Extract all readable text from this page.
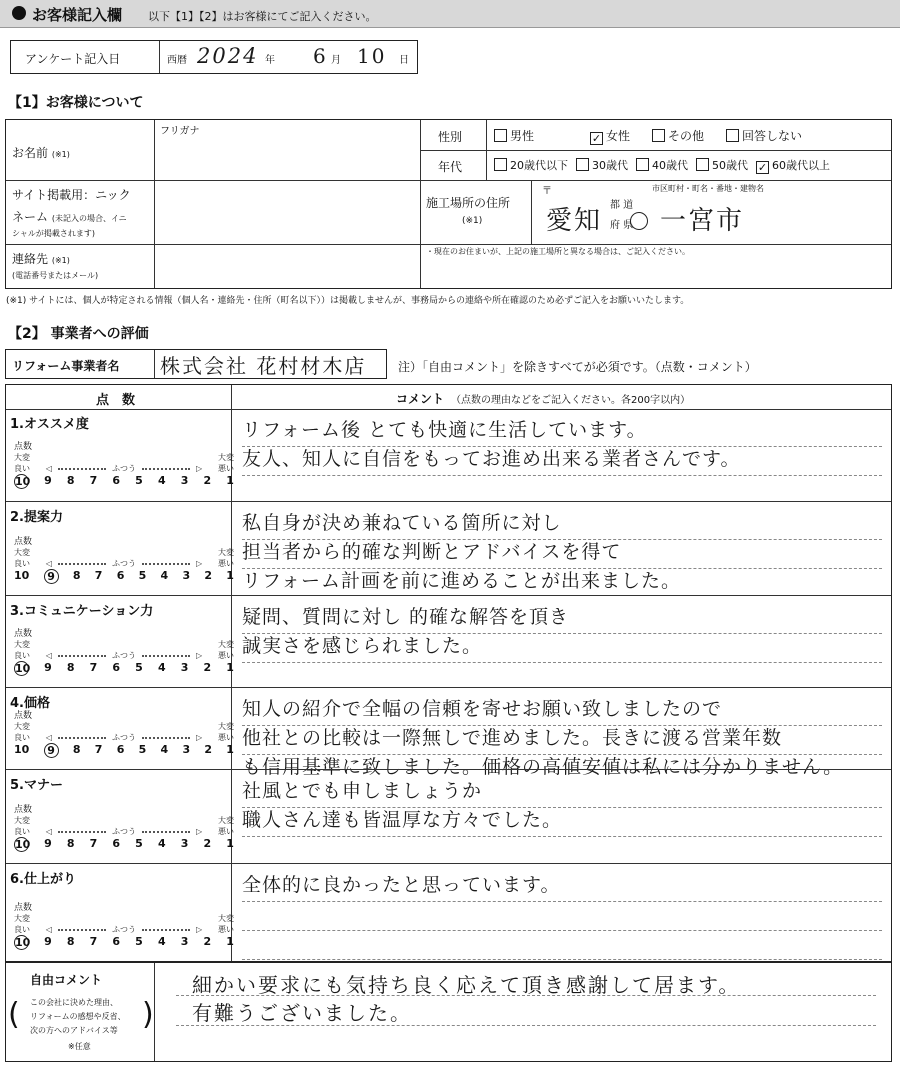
お客様記入欄 以下【1】【2】はお客様にてご記入ください。
アンケート記入日	西暦 2024 年 6 月 10 日
【1】お客様について
お名前 (※1)
フリガナ
サイト掲載用：ニック
ネーム (未記入の場合、イニ
シャルが掲載されます)
連絡先 (※1)
(電話番号またはメール)
性別	男性	✓ 女性	その他	回答しない
年代	20歳代以下	30歳代	40歳代	50歳代 ✓ 60歳代以上
施工場所の住所
(※1)
〒	市区町村・町名・番地・建物名
愛知
都 道
府 県 一宮市
・現在のお住まいが、上記の施工場所と異なる場合は、ご記入ください。
(※1) サイトには、個人が特定される情報（個人名・連絡先・住所（町名以下））は掲載しませんが、事務局からの連絡や所在確認のため必ずご記入をお願いいたします。
【2】 事業者への評価
リフォーム事業者名 株式会社 花村材木店	注）「自由コメント」を除きすべてが必須です。（点数・コメント）
点　数	コメント　 （点数の理由などをご記入ください。各200字以内）
1.オススメ度
点数
大変	大変
良い ◁	ふつう	▷ 悪い
10 9 8 7 6 5 4 3 2 1
リフォーム後 とても快適に生活しています。
友人、知人に自信をもってお進め出来る業者さんです。
2.提案力
点数
大変	大変
良い ◁	ふつう	▷ 悪い
10	9	8 7 6 5 4 3 2 1
私自身が決め兼ねている箇所に対し
担当者から的確な判断とアドバイスを得て
リフォーム計画を前に進めることが出来ました。
3.コミュニケーション力
点数
大変	大変
良い ◁	ふつう	▷ 悪い
10 9 8 7 6 5 4 3 2 1
疑問、質問に対し 的確な解答を頂き
誠実さを感じられました。
4.価格
点数
大変	大変
良い ◁	ふつう	▷ 悪い
10	9	8 7 6 5 4 3 2 1
知人の紹介で全幅の信頼を寄せお願い致しましたので
他社との比較は一際無しで進めました。長きに渡る営業年数
も信用基準に致しました。価格の高値安値は私には分かりません。
5.マナー
点数
大変	大変
良い ◁	ふつう	▷ 悪い
10 9 8 7 6 5 4 3 2 1
社風とでも申しましょうか
職人さん達も皆温厚な方々でした。
6.仕上がり
点数
大変	大変
良い ◁	ふつう	▷ 悪い
10 9 8 7 6 5 4 3 2 1
全体的に良かったと思っています。
自由コメント
(	)
この会社に決めた理由、
リフォームの感想や反省、
次の方へのアドバイス等
※任意
細かい要求にも気持ち良く応えて頂き感謝して居ます。
有難うございました。
